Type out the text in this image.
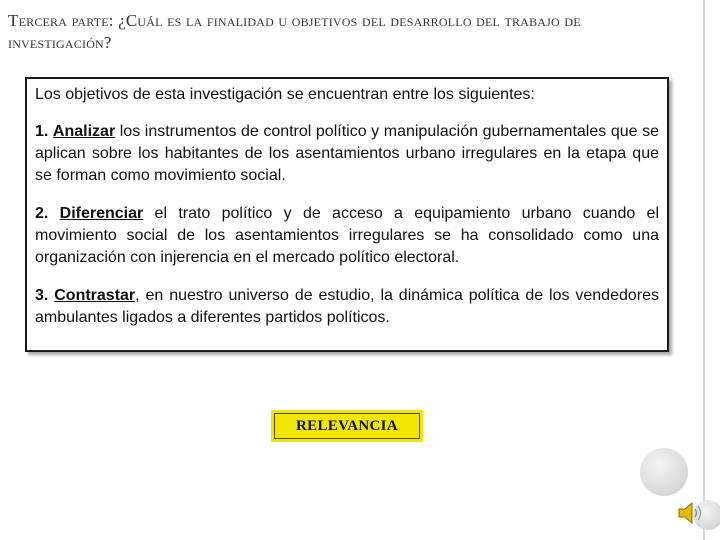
Tercera parte: ¿Cuál es la finalidad u objetivos del desarrollo del trabajo de investigación?

Los objetivos de esta investigación se encuentran entre los siguientes:

1. Analizar los instrumentos de control político y manipulación gubernamentales que se aplican sobre los habitantes de los asentamientos urbano irregulares en la etapa que se forman como movimiento social.

2. Diferenciar el trato político y de acceso a equipamiento urbano cuando el movimiento social de los asentamientos irregulares se ha consolidado como una organización con injerencia en el mercado político electoral.

3. Contrastar, en nuestro universo de estudio, la dinámica política de los vendedores ambulantes ligados a diferentes partidos políticos.

RELEVANCIA
